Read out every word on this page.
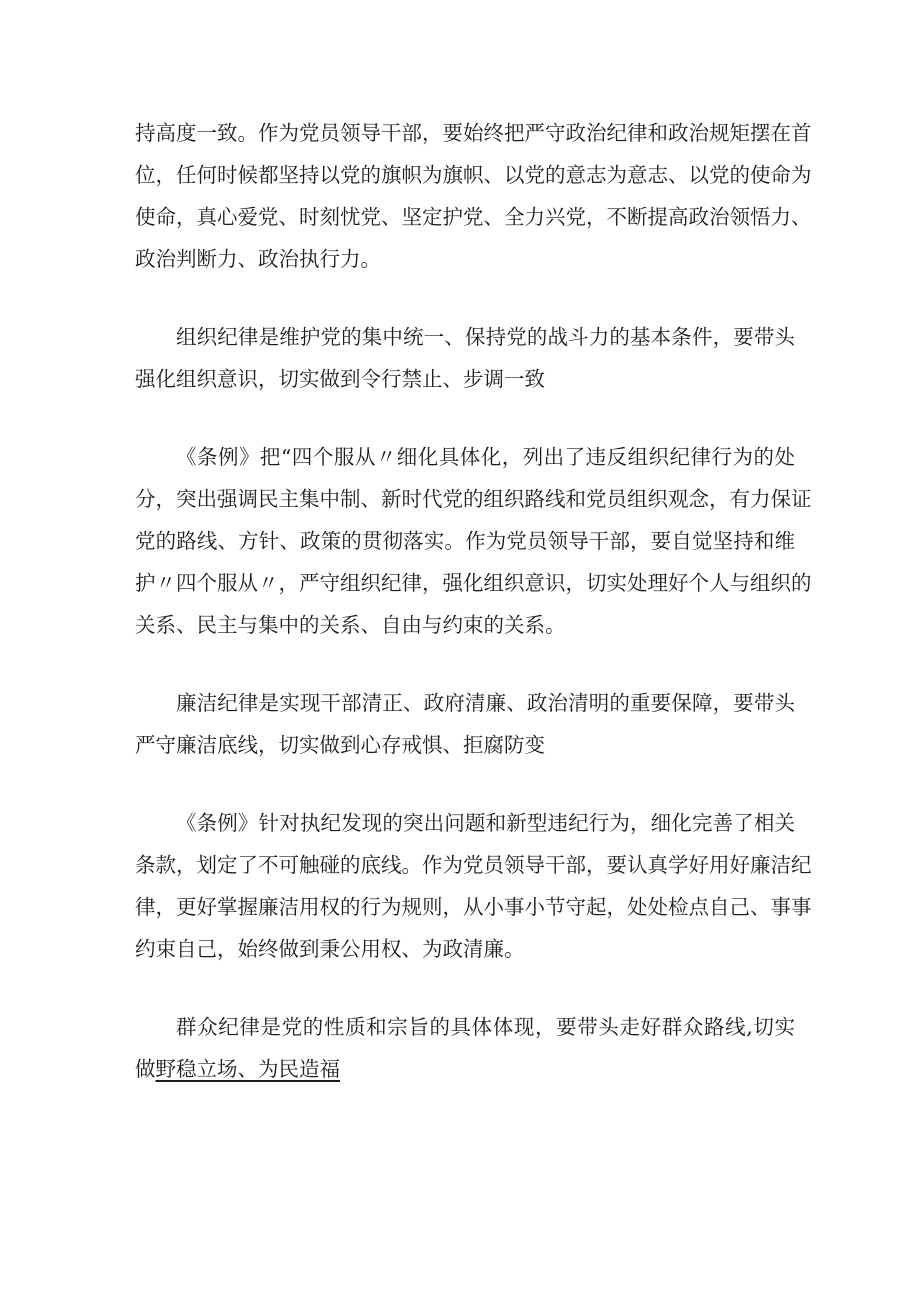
持高度一致。作为党员领导干部，要始终把严守政治纪律和政治规矩摆在首
位，任何时候都坚持以党的旗帜为旗帜、以党的意志为意志、以党的使命为
使命，真心爱党、时刻忧党、坚定护党、全力兴党，不断提高政治领悟力、
政治判断力、政治执行力。
组织纪律是维护党的集中统一、保持党的战斗力的基本条件，要带头
强化组织意识，切实做到令行禁止、步调一致
《条例》把“四个服从〃细化具体化，列出了违反组织纪律行为的处
分，突出强调民主集中制、新时代党的组织路线和党员组织观念，有力保证
党的路线、方针、政策的贯彻落实。作为党员领导干部，要自觉坚持和维
护〃四个服从〃，严守组织纪律，强化组织意识，切实处理好个人与组织的
关系、民主与集中的关系、自由与约束的关系。
廉洁纪律是实现干部清正、政府清廉、政治清明的重要保障，要带头
严守廉洁底线，切实做到心存戒惧、拒腐防变
《条例》针对执纪发现的突出问题和新型违纪行为，细化完善了相关
条款，划定了不可触碰的底线。作为党员领导干部，要认真学好用好廉洁纪
律，更好掌握廉洁用权的行为规则，从小事小节守起，处处检点自己、事事
约束自己，始终做到秉公用权、为政清廉。
群众纪律是党的性质和宗旨的具体体现，要带头走好群众路线,切实
做野稳立场、为民造福
